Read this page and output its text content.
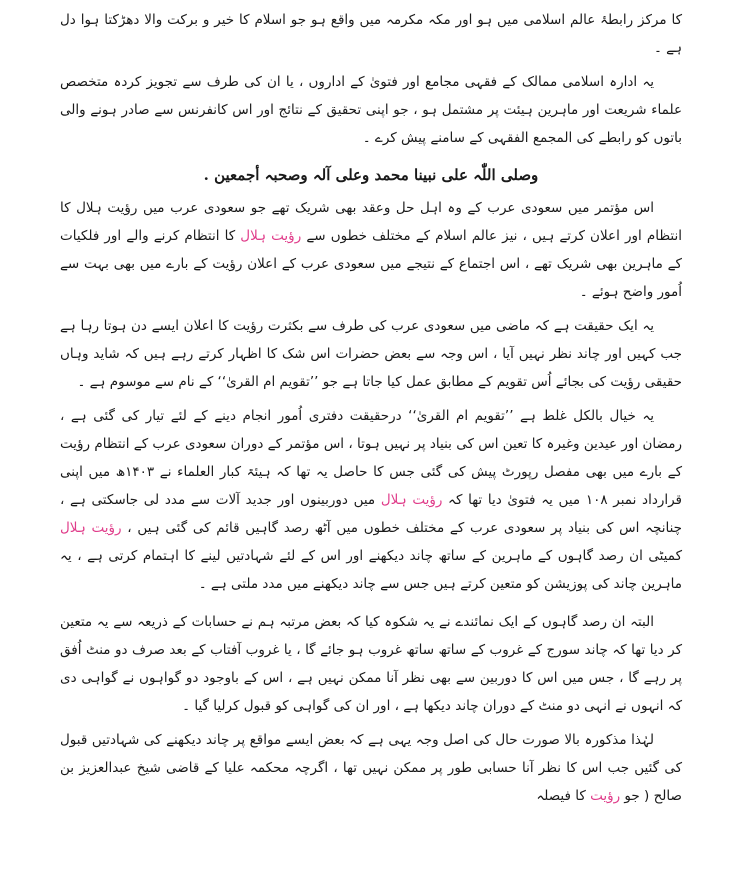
کا مرکز رابطۂ عالم اسلامی میں ہو اور مکہ مکرمہ میں واقع ہو جو اسلام کا خیر و برکت والا دھڑکتا ہوا دل ہے ۔

یہ ادارہ اسلامی ممالک کے فقہی مجامع اور فتویٰ کے اداروں ، یا ان کی طرف سے تجویز کردہ متخصص علماء شریعت اور ماہرین ہیئت پر مشتمل ہو ، جو اپنی تحقیق کے نتائج اور اس کانفرنس سے صادر ہونے والی باتوں کو رابطے کی المجمع الفقہی کے سامنے پیش کرے ۔

وصلی اللّٰہ علی نبینا محمد وعلی آلہ وصحبہ أجمعین .

اس مؤتمر میں سعودی عرب کے وہ اہل حل وعقد بھی شریک تھے جو سعودی عرب میں رؤیت ہلال کا انتظام اور اعلان کرتے ہیں ، نیز عالم اسلام کے مختلف خطوں سے رؤیت ہلال کا انتظام کرنے والے اور فلکیات کے ماہرین بھی شریک تھے ، اس اجتماع کے نتیجے میں سعودی عرب کے اعلان رؤیت کے بارے میں بھی بہت سے اُمور واضح ہوئے ۔

یہ ایک حقیقت ہے کہ ماضی میں سعودی عرب کی طرف سے بکثرت رؤیت کا اعلان ایسے دن ہوتا رہا ہے جب کہیں اور چاند نظر نہیں آیا ، اس وجہ سے بعض حضرات اس شک کا اظہار کرتے رہے ہیں کہ شاید وہاں حقیقی رؤیت کی بجائے اُس تقویم کے مطابق عمل کیا جاتا ہے جو ’’تقویم ام القریٰ‘‘ کے نام سے موسوم ہے ۔

یہ خیال بالکل غلط ہے ’’تقویم ام القریٰ‘‘ درحقیقت دفتری اُمور انجام دینے کے لئے تیار کی گئی ہے ، رمضان اور عیدین وغیرہ کا تعین اس کی بنیاد پر نہیں ہوتا ، اس مؤتمر کے دوران سعودی عرب کے انتظام رؤیت کے بارے میں بھی مفصل رپورٹ پیش کی گئی جس کا حاصل یہ تھا کہ ہیئۃ کبار العلماء نے ۱۴۰۳ھ میں اپنی قرارداد نمبر ۱۰۸ میں یہ فتویٰ دیا تھا کہ رؤیت ہلال میں دوربینوں اور جدید آلات سے مدد لی جاسکتی ہے ، چنانچہ اس کی بنیاد پر سعودی عرب کے مختلف خطوں میں آٹھ رصد گاہیں قائم کی گئی ہیں ، رؤیت ہلال کمیٹی ان رصد گاہوں کے ماہرین کے ساتھ چاند دیکھنے اور اس کے لئے شہادتیں لینے کا اہتمام کرتی ہے ، یہ ماہرین چاند کی پوزیشن کو متعین کرتے ہیں جس سے چاند دیکھنے میں مدد ملتی ہے ۔

البتہ ان رصد گاہوں کے ایک نمائندے نے یہ شکوہ کیا کہ بعض مرتبہ ہم نے حسابات کے ذریعہ سے یہ متعین کر دیا تھا کہ چاند سورج کے غروب کے ساتھ ساتھ غروب ہو جائے گا ، یا غروب آفتاب کے بعد صرف دو منٹ اُفق پر رہے گا ، جس میں اس کا دوربین سے بھی نظر آنا ممکن نہیں ہے ، اس کے باوجود دو گواہوں نے گواہی دی کہ انہوں نے انہی دو منٹ کے دوران چاند دیکھا ہے ، اور ان کی گواہی کو قبول کرلیا گیا ۔

لہٰذا مذکورہ بالا صورت حال کی اصل وجہ یہی ہے کہ بعض ایسے مواقع پر چاند دیکھنے کی شہادتیں قبول کی گئیں جب اس کا نظر آنا حسابی طور پر ممکن نہیں تھا ، اگرچہ محکمہ علیا کے قاضی شیخ عبدالعزیز بن صالح ( جو رؤیت کا فیصلہ
